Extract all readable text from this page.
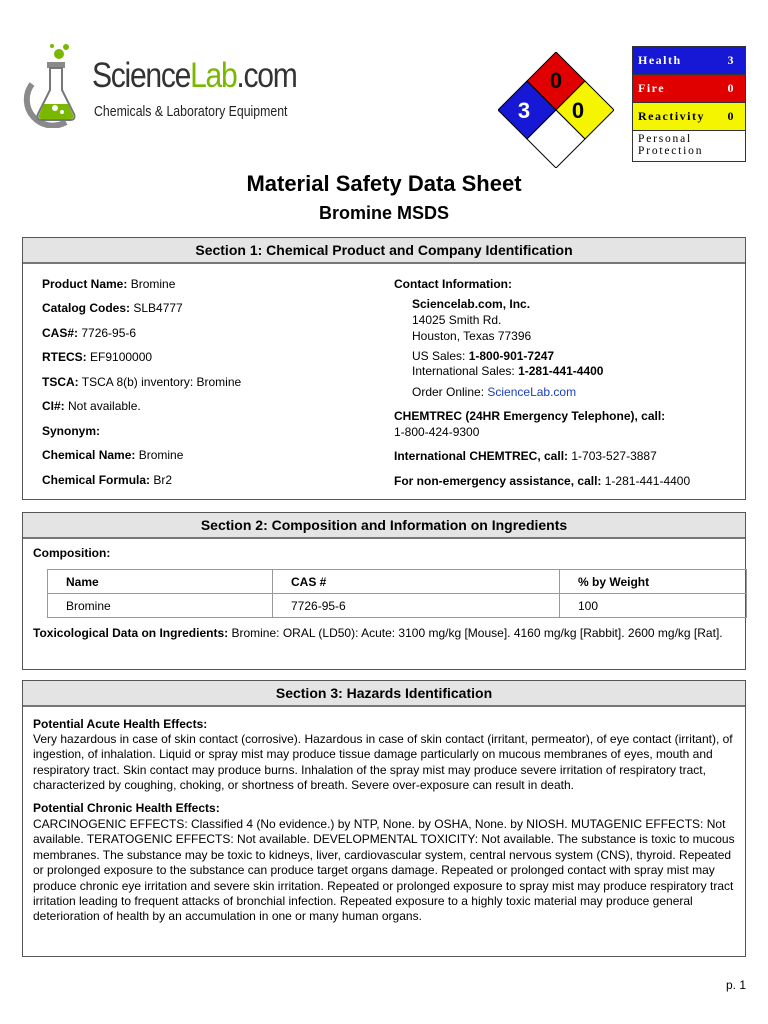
ScienceLab.com
Chemicals & Laboratory Equipment
0
3 0
Health	3
Fire	0
Reactivity 0
Personal
Protection
Material Safety Data Sheet
Bromine MSDS
Section 1: Chemical Product and Company Identification
Product Name: Bromine
Catalog Codes: SLB4777
CAS#: 7726-95-6
RTECS: EF9100000
TSCA: TSCA 8(b) inventory: Bromine
CI#: Not available.
Synonym:
Chemical Name: Bromine
Chemical Formula: Br2
Contact Information:
Sciencelab.com, Inc.
14025 Smith Rd.
Houston, Texas 77396
US Sales: 1-800-901-7247
International Sales: 1-281-441-4400
Order Online: ScienceLab.com
CHEMTREC (24HR Emergency Telephone), call:
1-800-424-9300
International CHEMTREC, call: 1-703-527-3887
For non-emergency assistance, call: 1-281-441-4400
Section 2: Composition and Information on Ingredients
Composition:
Name	CAS #	% by Weight
Bromine	7726-95-6	100
Toxicological Data on Ingredients: Bromine: ORAL (LD50): Acute: 3100 mg/kg [Mouse]. 4160 mg/kg [Rabbit]. 2600 mg/kg [Rat].
Section 3: Hazards Identification
Potential Acute Health Effects:
Very hazardous in case of skin contact (corrosive). Hazardous in case of skin contact (irritant, permeator), of eye contact (irritant), of ingestion, of inhalation. Liquid or spray mist may produce tissue damage particularly on mucous membranes of eyes, mouth and respiratory tract. Skin contact may produce burns. Inhalation of the spray mist may produce severe irritation of respiratory tract, characterized by coughing, choking, or shortness of breath. Severe over-exposure can result in death.
Potential Chronic Health Effects:
CARCINOGENIC EFFECTS: Classified 4 (No evidence.) by NTP, None. by OSHA, None. by NIOSH. MUTAGENIC EFFECTS: Not available. TERATOGENIC EFFECTS: Not available. DEVELOPMENTAL TOXICITY: Not available. The substance is toxic to mucous membranes. The substance may be toxic to kidneys, liver, cardiovascular system, central nervous system (CNS), thyroid. Repeated or prolonged exposure to the substance can produce target organs damage. Repeated or prolonged contact with spray mist may produce chronic eye irritation and severe skin irritation. Repeated or prolonged exposure to spray mist may produce respiratory tract irritation leading to frequent attacks of bronchial infection. Repeated exposure to a highly toxic material may produce general deterioration of health by an accumulation in one or many human organs.
p. 1
